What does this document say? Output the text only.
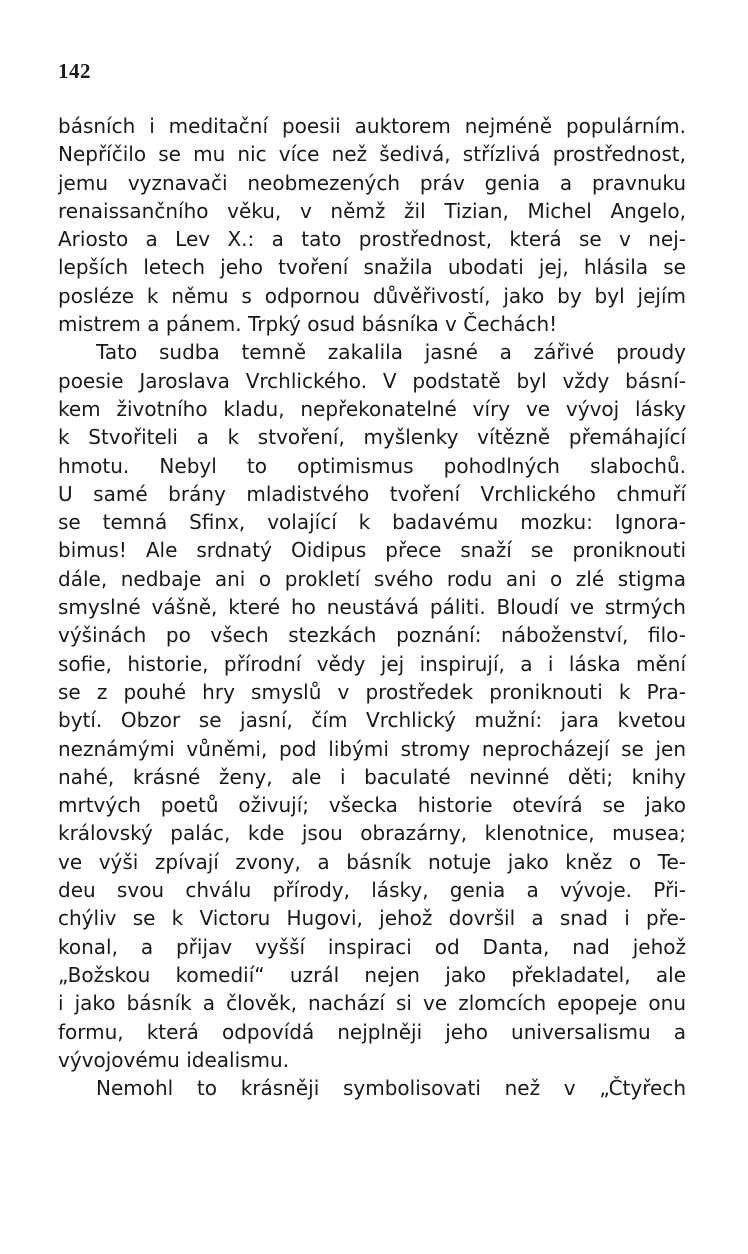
142
básních i meditační poesii auktorem nejméně populárním.
Nepříčilo se mu nic více než šedivá, střízlivá prostřednost,
jemu vyznavači neobmezených práv genia a pravnuku
renaissančního věku, v němž žil Tizian, Michel Angelo,
Ariosto a Lev X.: a tato prostřednost, která se v nej-
lepších letech jeho tvoření snažila ubodati jej, hlásila se
posléze k němu s odpornou důvěřivostí, jako by byl jejím
mistrem a pánem. Trpký osud básníka v Čechách!
Tato sudba temně zakalila jasné a zářivé proudy
poesie Jaroslava Vrchlického. V podstatě byl vždy básní-
kem životního kladu, nepřekonatelné víry ve vývoj lásky
k Stvořiteli a k stvoření, myšlenky vítězně přemáhající
hmotu. Nebyl to optimismus pohodlných slabochů.
U samé brány mladistvého tvoření Vrchlického chmuří
se temná Sfinx, volající k badavému mozku: Ignora-
bimus! Ale srdnatý Oidipus přece snaží se proniknouti
dále, nedbaje ani o prokletí svého rodu ani o zlé stigma
smyslné vášně, které ho neustává páliti. Bloudí ve strmých
výšinách po všech stezkách poznání: náboženství, filo-
sofie, historie, přírodní vědy jej inspirují, a i láska mění
se z pouhé hry smyslů v prostředek proniknouti k Pra-
bytí. Obzor se jasní, čím Vrchlický mužní: jara kvetou
neznámými vůněmi, pod libými stromy neprocházejí se jen
nahé, krásné ženy, ale i baculaté nevinné děti; knihy
mrtvých poetů oživují; všecka historie otevírá se jako
královský palác, kde jsou obrazárny, klenotnice, musea;
ve výši zpívají zvony, a básník notuje jako kněz o Te-
deu svou chválu přírody, lásky, genia a vývoje. Při-
chýliv se k Victoru Hugovi, jehož dovršil a snad i pře-
konal, a přijav vyšší inspiraci od Danta, nad jehož
„Božskou komedií“ uzrál nejen jako překladatel, ale
i jako básník a člověk, nachází si ve zlomcích epopeje onu
formu, která odpovídá nejplněji jeho universalismu a
vývojovému idealismu.
Nemohl to krásněji symbolisovati než v „Čtyřech
